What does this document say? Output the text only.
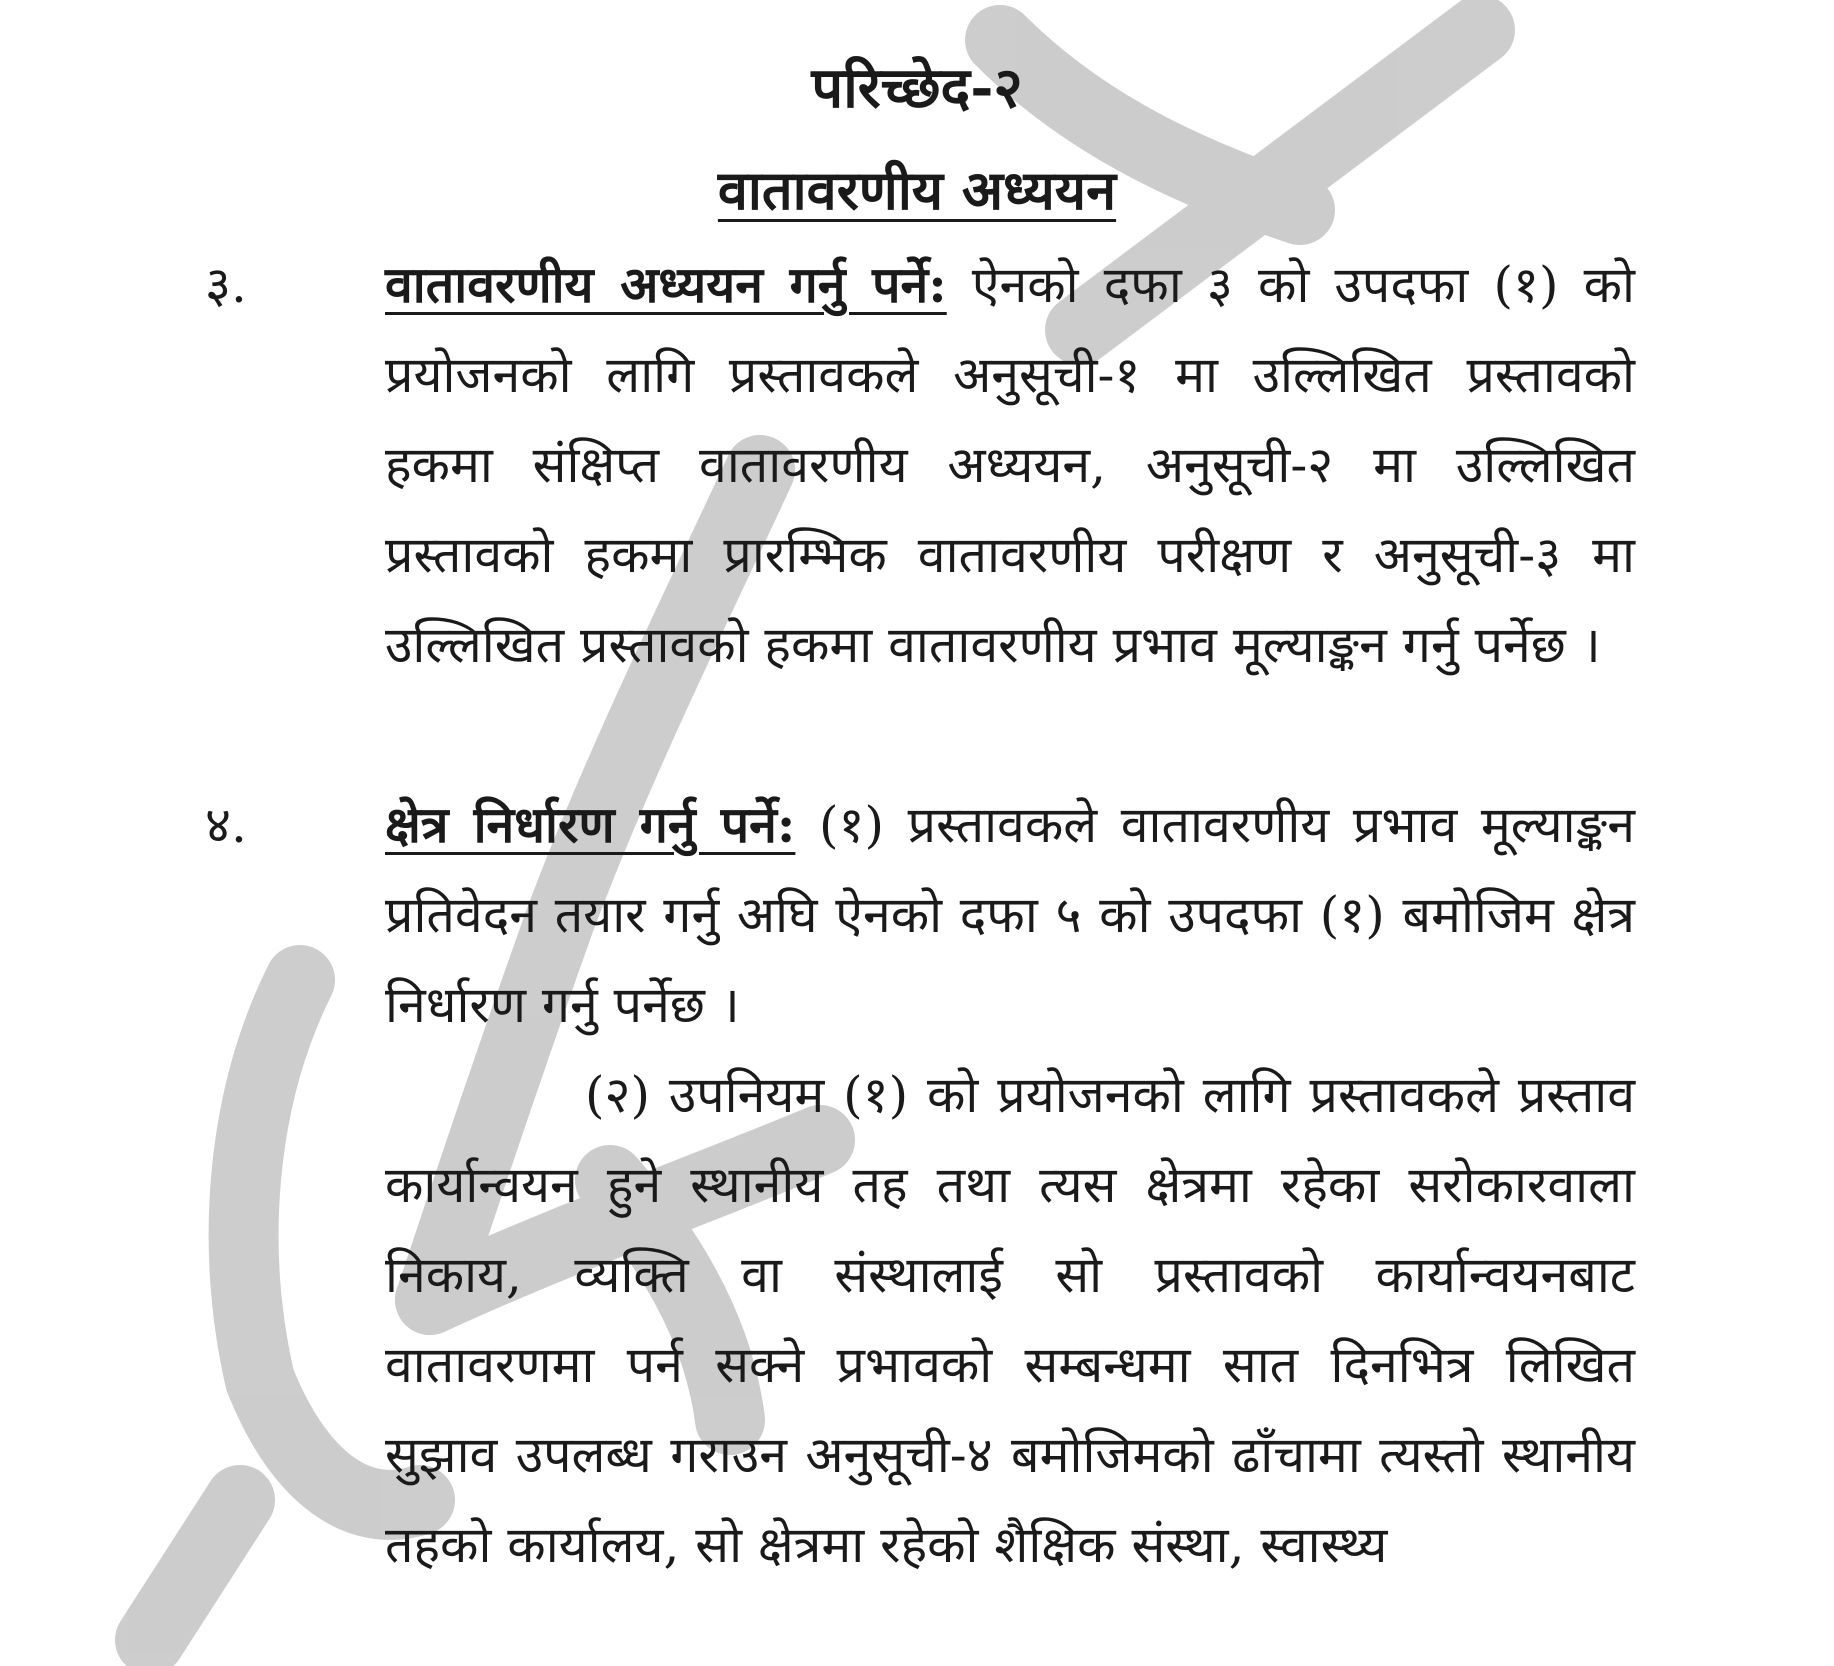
परिच्छेद-२
वातावरणीय अध्ययन
३.	वातावरणीय अध्ययन गर्नु पर्ने: ऐनको दफा ३ को उपदफा (१) को प्रयोजनको लागि प्रस्तावकले अनुसूची-१ मा उल्लिखित प्रस्तावको हकमा संक्षिप्त वातावरणीय अध्ययन, अनुसूची-२ मा उल्लिखित प्रस्तावको हकमा प्रारम्भिक वातावरणीय परीक्षण र अनुसूची-३ मा उल्लिखित प्रस्तावको हकमा वातावरणीय प्रभाव मूल्याङ्कन गर्नु पर्नेछ ।
४.	क्षेत्र निर्धारण गर्नु पर्ने: (१) प्रस्तावकले वातावरणीय प्रभाव मूल्याङ्कन प्रतिवेदन तयार गर्नु अघि ऐनको दफा ५ को उपदफा (१) बमोजिम क्षेत्र निर्धारण गर्नु पर्नेछ ।
(२) उपनियम (१) को प्रयोजनको लागि प्रस्तावकले प्रस्ताव कार्यान्वयन हुने स्थानीय तह तथा त्यस क्षेत्रमा रहेका सरोकारवाला निकाय, व्यक्ति वा संस्थालाई सो प्रस्तावको कार्यान्वयनबाट वातावरणमा पर्न सक्ने प्रभावको सम्बन्धमा सात दिनभित्र लिखित सुझाव उपलब्ध गराउन अनुसूची-४ बमोजिमको ढाँचामा त्यस्तो स्थानीय तहको कार्यालय, सो क्षेत्रमा रहेको शैक्षिक संस्था, स्वास्थ्य
